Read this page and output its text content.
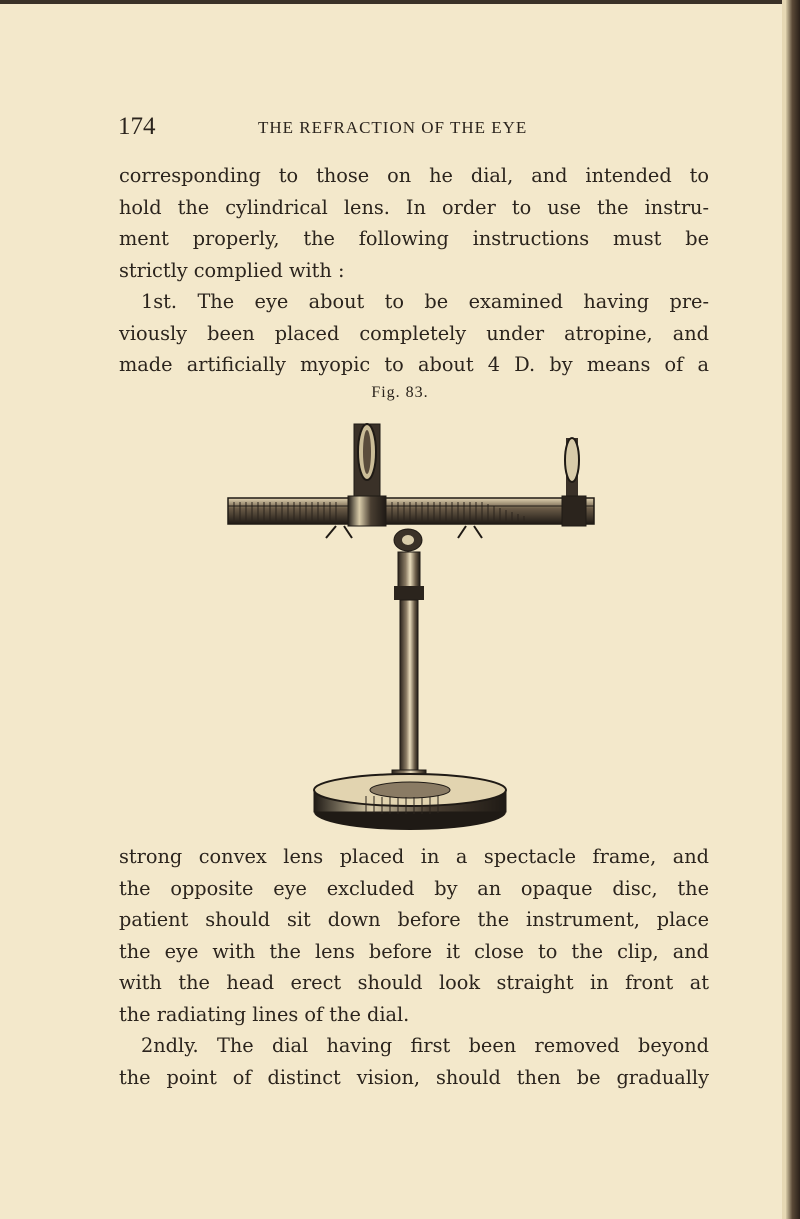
174	THE REFRACTION OF THE EYE
corresponding to those on he dial, and intended to
hold the cylindrical lens. In order to use the instru-
ment properly, the following instructions must be
strictly complied with :
1st. The eye about to be examined having pre-
viously been placed completely under atropine, and
made artificially myopic to about 4 D. by means of a
Fig. 83.
strong convex lens placed in a spectacle frame, and
the opposite eye excluded by an opaque disc, the
patient should sit down before the instrument, place
the eye with the lens before it close to the clip, and
with the head erect should look straight in front at
the radiating lines of the dial.
2ndly. The dial having first been removed beyond
the point of distinct vision, should then be gradually
